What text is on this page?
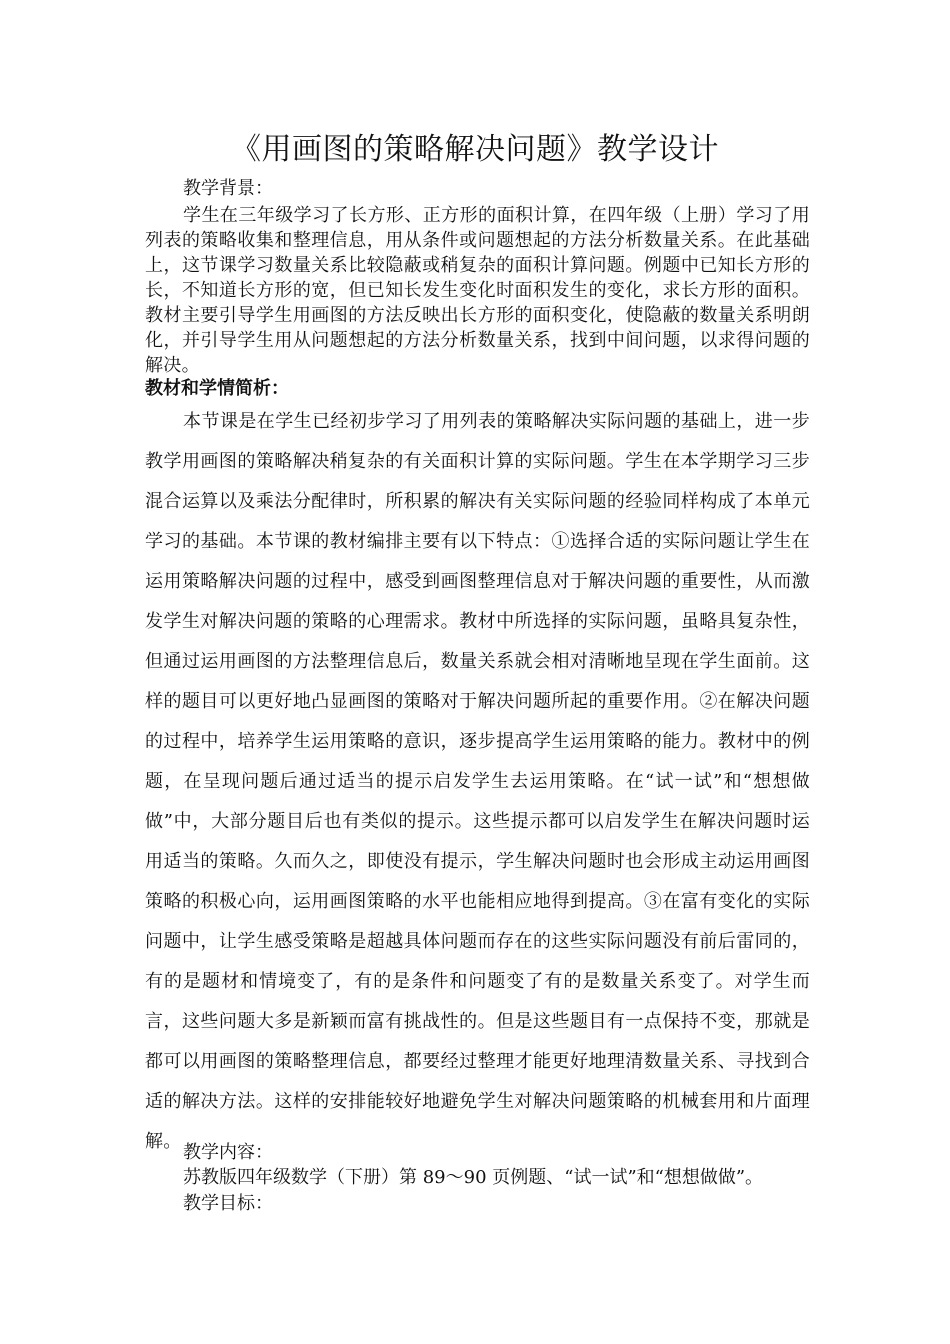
《用画图的策略解决问题》教学设计
教学背景：

学生在三年级学习了长方形、正方形的面积计算，在四年级（上册）学习了用列表的策略收集和整理信息，用从条件或问题想起的方法分析数量关系。在此基础上，这节课学习数量关系比较隐蔽或稍复杂的面积计算问题。例题中已知长方形的长，不知道长方形的宽，但已知长发生变化时面积发生的变化，求长方形的面积。教材主要引导学生用画图的方法反映出长方形的面积变化，使隐蔽的数量关系明朗化，并引导学生用从问题想起的方法分析数量关系，找到中间问题，以求得问题的解决。

教材和学情简析：

本节课是在学生已经初步学习了用列表的策略解决实际问题的基础上，进一步教学用画图的策略解决稍复杂的有关面积计算的实际问题。学生在本学期学习三步混合运算以及乘法分配律时，所积累的解决有关实际问题的经验同样构成了本单元学习的基础。本节课的教材编排主要有以下特点：①选择合适的实际问题让学生在运用策略解决问题的过程中，感受到画图整理信息对于解决问题的重要性，从而激发学生对解决问题的策略的心理需求。教材中所选择的实际问题，虽略具复杂性，但通过运用画图的方法整理信息后，数量关系就会相对清晰地呈现在学生面前。这样的题目可以更好地凸显画图的策略对于解决问题所起的重要作用。②在解决问题的过程中，培养学生运用策略的意识，逐步提高学生运用策略的能力。教材中的例题，在呈现问题后通过适当的提示启发学生去运用策略。在“试一试”和“想想做做”中，大部分题目后也有类似的提示。这些提示都可以启发学生在解决问题时运用适当的策略。久而久之，即使没有提示，学生解决问题时也会形成主动运用画图策略的积极心向，运用画图策略的水平也能相应地得到提高。③在富有变化的实际问题中，让学生感受策略是超越具体问题而存在的这些实际问题没有前后雷同的，有的是题材和情境变了，有的是条件和问题变了有的是数量关系变了。对学生而言，这些问题大多是新颖而富有挑战性的。但是这些题目有一点保持不变，那就是都可以用画图的策略整理信息，都要经过整理才能更好地理清数量关系、寻找到合适的解决方法。这样的安排能较好地避免学生对解决问题策略的机械套用和片面理解。

教学内容：
苏教版四年级数学（下册）第 89～90 页例题、“试一试”和“想想做做”。
教学目标：
